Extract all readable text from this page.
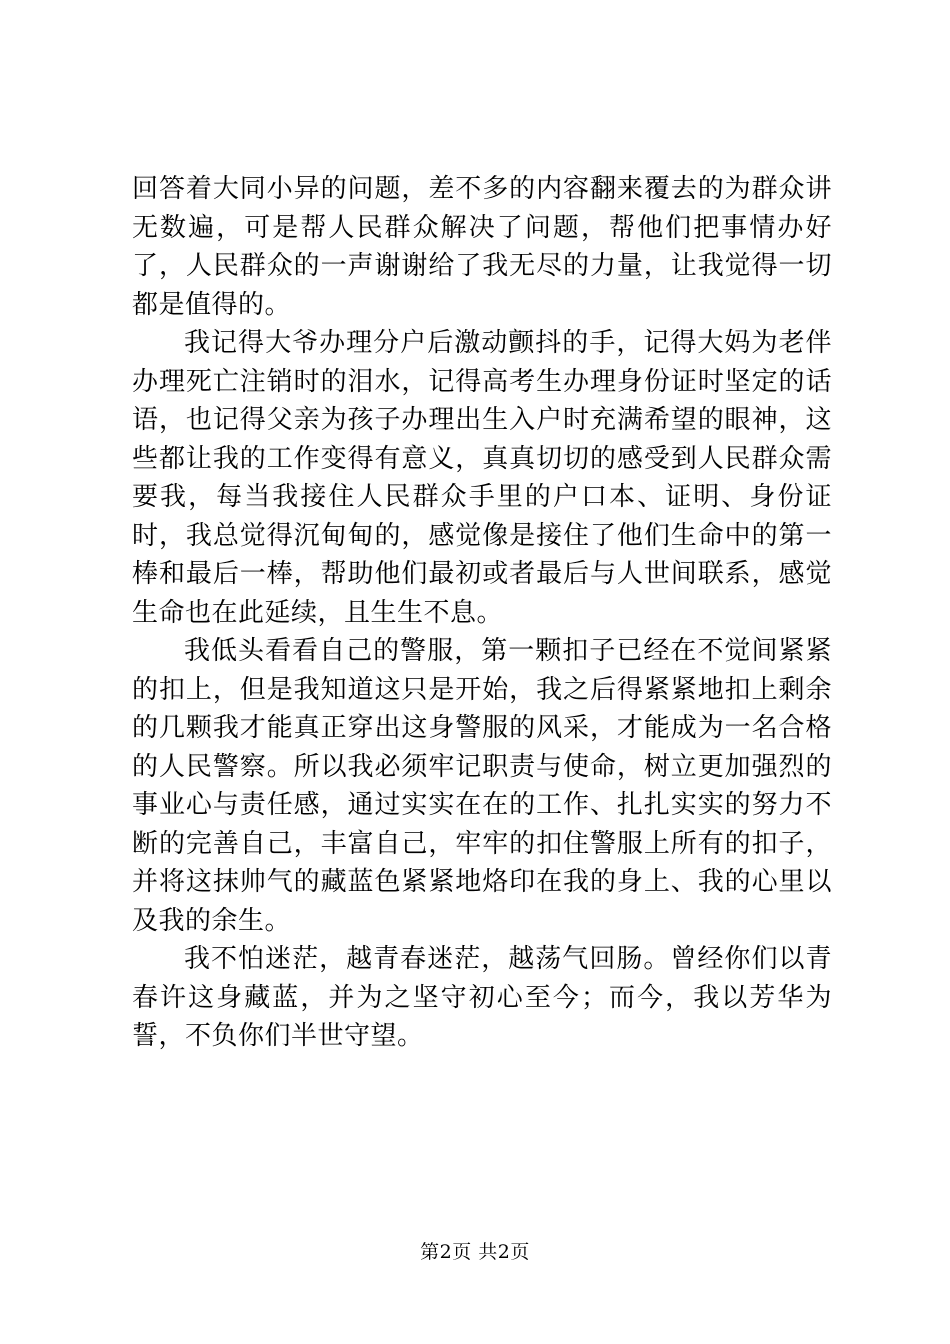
回答着大同小异的问题，差不多的内容翻来覆去的为群众讲无数遍，可是帮人民群众解决了问题，帮他们把事情办好了，人民群众的一声谢谢给了我无尽的力量，让我觉得一切都是值得的。

我记得大爷办理分户后激动颤抖的手，记得大妈为老伴办理死亡注销时的泪水，记得高考生办理身份证时坚定的话语，也记得父亲为孩子办理出生入户时充满希望的眼神，这些都让我的工作变得有意义，真真切切的感受到人民群众需要我，每当我接住人民群众手里的户口本、证明、身份证时，我总觉得沉甸甸的，感觉像是接住了他们生命中的第一棒和最后一棒，帮助他们最初或者最后与人世间联系，感觉生命也在此延续，且生生不息。

我低头看看自己的警服，第一颗扣子已经在不觉间紧紧的扣上，但是我知道这只是开始，我之后得紧紧地扣上剩余的几颗我才能真正穿出这身警服的风采，才能成为一名合格的人民警察。所以我必须牢记职责与使命，树立更加强烈的事业心与责任感，通过实实在在的工作、扎扎实实的努力不断的完善自己，丰富自己，牢牢的扣住警服上所有的扣子，并将这抹帅气的藏蓝色紧紧地烙印在我的身上、我的心里以及我的余生。

我不怕迷茫，越青春迷茫，越荡气回肠。曾经你们以青春许这身藏蓝，并为之坚守初心至今；而今，我以芳华为誓，不负你们半世守望。

第2页 共2页
